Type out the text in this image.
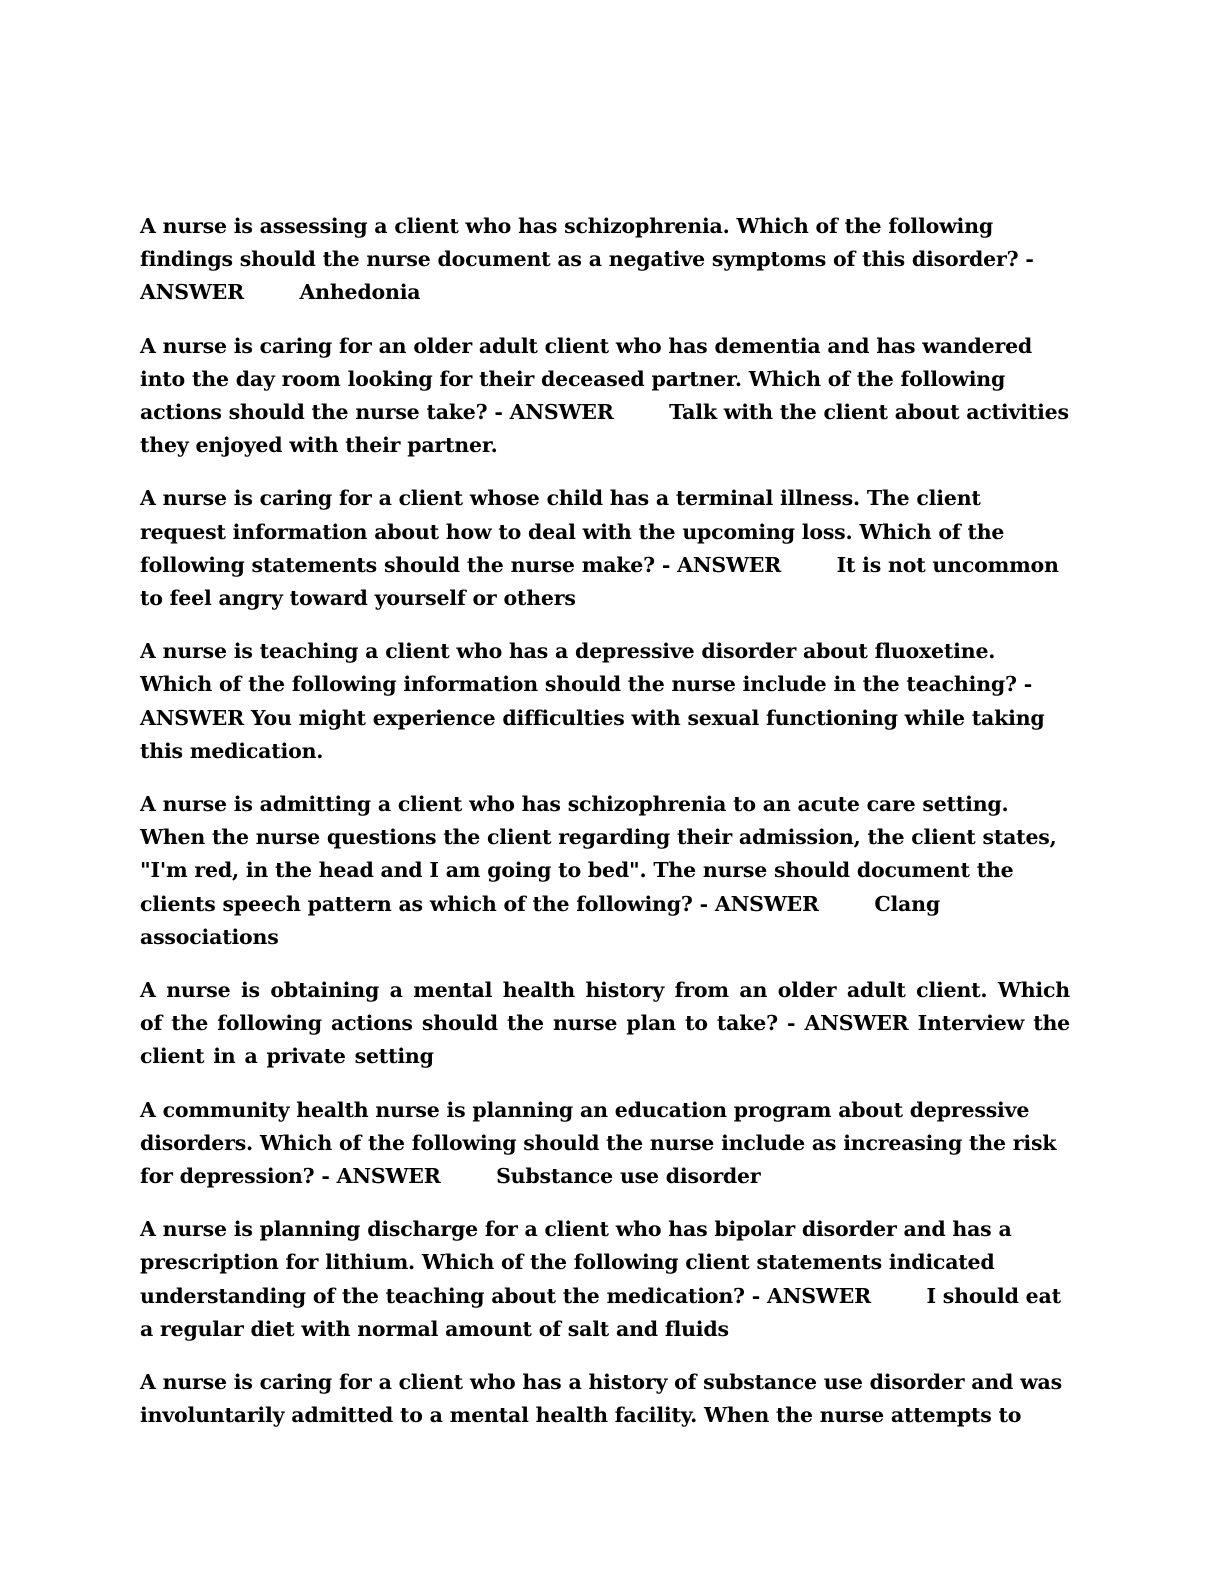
A nurse is assessing a client who has schizophrenia. Which of the following findings should the nurse document as a negative symptoms of this disorder? - ANSWER	Anhedonia

A nurse is caring for an older adult client who has dementia and has wandered into the day room looking for their deceased partner. Which of the following actions should the nurse take? - ANSWER	Talk with the client about activities they enjoyed with their partner.

A nurse is caring for a client whose child has a terminal illness. The client request information about how to deal with the upcoming loss. Which of the following statements should the nurse make? - ANSWER	It is not uncommon to feel angry toward yourself or others

A nurse is teaching a client who has a depressive disorder about fluoxetine. Which of the following information should the nurse include in the teaching? - ANSWER You might experience difficulties with sexual functioning while taking this medication.

A nurse is admitting a client who has schizophrenia to an acute care setting. When the nurse questions the client regarding their admission, the client states, "I'm red, in the head and I am going to bed". The nurse should document the clients speech pattern as which of the following? - ANSWER	Clang associations

A nurse is obtaining a mental health history from an older adult client. Which of the following actions should the nurse plan to take? - ANSWER Interview the client in a private setting

A community health nurse is planning an education program about depressive disorders. Which of the following should the nurse include as increasing the risk for depression? - ANSWER	Substance use disorder

A nurse is planning discharge for a client who has bipolar disorder and has a prescription for lithium. Which of the following client statements indicated understanding of the teaching about the medication? - ANSWER	I should eat a regular diet with normal amount of salt and fluids

A nurse is caring for a client who has a history of substance use disorder and was involuntarily admitted to a mental health facility. When the nurse attempts to
